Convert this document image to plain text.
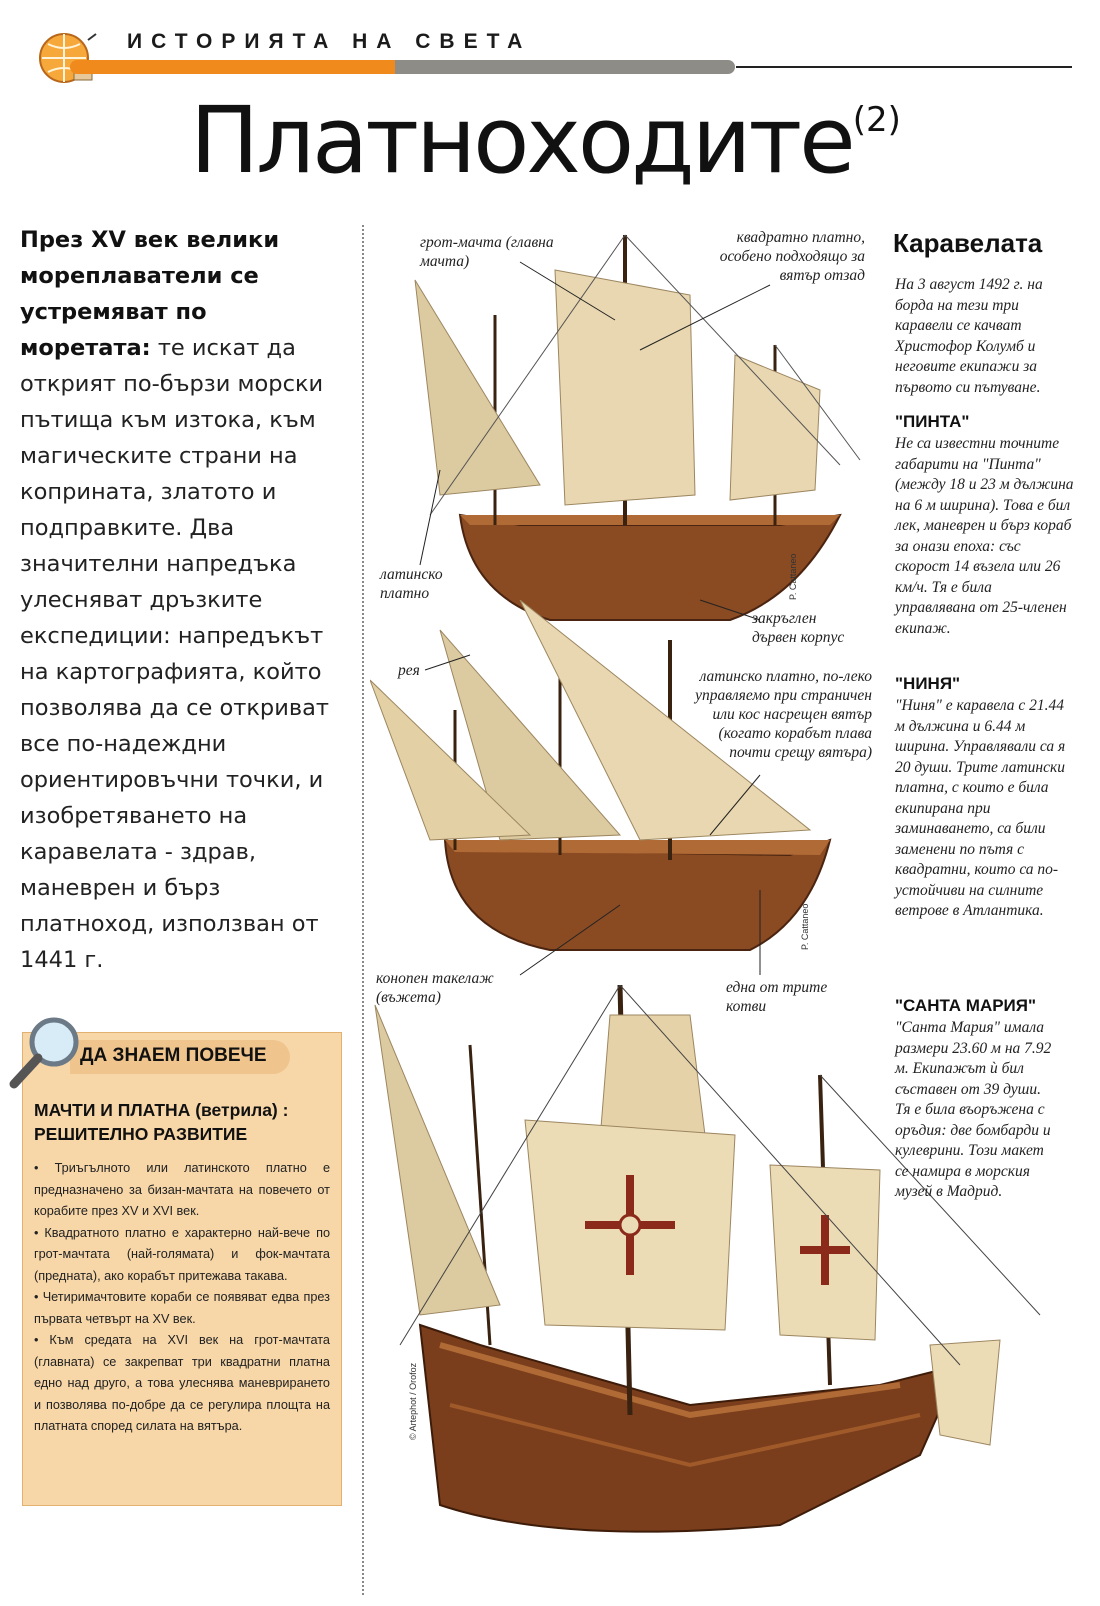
ИСТОРИЯТА НА СВЕТА
Платноходите$^{(2)}$
През XV век велики мореплаватели се устремяват по моретата: те искат да открият по-бързи морски пътища към изтока, към магическите страни на коприната, златото и подправките. Два значителни напредъка улесняват дръзките експедиции: напредъкът на картографията, който позволява да се откриват все по-надеждни ориентировъчни точки, и изобретяването на каравелата - здрав, маневрен и бърз платноход, използван от 1441 г.
грот-мачта (главна мачта)
квадратно платно, особено подходящо за вятър отзад
латинско платно
закръглен дървен корпус
рея	латинско платно, по-леко управляемо при страничен или кос насрещен вятър (когато корабът плава почти срещу вятъра)
конопен такелаж (въжета)
една от трите котви
P. Cattaneo
P. Cattaneo
© Artephot / Orofoz
Каравелата
На 3 август 1492 г. на борда на тези три каравели се качват Христофор Колумб и неговите екипажи за първото си пътуване.
"ПИНТА"
Не са известни точните габарити на "Пинта" (между 18 и 23 м дължина на 6 м ширина). Това е бил лек, маневрен и бърз кораб за онази епоха: със скорост 14 възела или 26 км/ч. Тя е била управлявана от 25-членен екипаж.
"НИНЯ"
"Ниня" е каравела с 21.44 м дължина и 6.44 м ширина. Управлявали са я 20 души. Трите латински платна, с които е била екипирана при заминаването, са били заменени по пътя с квадратни, които са по-устойчиви на силните ветрове в Атлантика.
"САНТА МАРИЯ"
"Санта Мария" имала размери 23.60 м на 7.92 м. Екипажът ѝ бил съставен от 39 души. Тя е била въоръжена с оръдия: две бомбарди и кулеврини. Този макет се намира в морския музей в Мадрид.
ДА ЗНАЕМ ПОВЕЧЕ
МАЧТИ И ПЛАТНА (ветрила) : РЕШИТЕЛНО РАЗВИТИЕ

• Триъгълното или латинското платно е предназначено за бизан-мачтата на повечето от корабите през XV и XVI век.

• Квадратното платно е характерно най-вече по грот-мачтата (най-голямата) и фок-мачтата (предната), ако корабът притежава такава.

• Четиримачтовите кораби се появяват едва през първата четвърт на XV век.

• Към средата на XVI век на грот-мачтата (главната) се закрепват три квадратни платна едно над друго, а това улеснява маневрирането и позволява по-добре да се регулира площта на платната според силата на вятъра.
